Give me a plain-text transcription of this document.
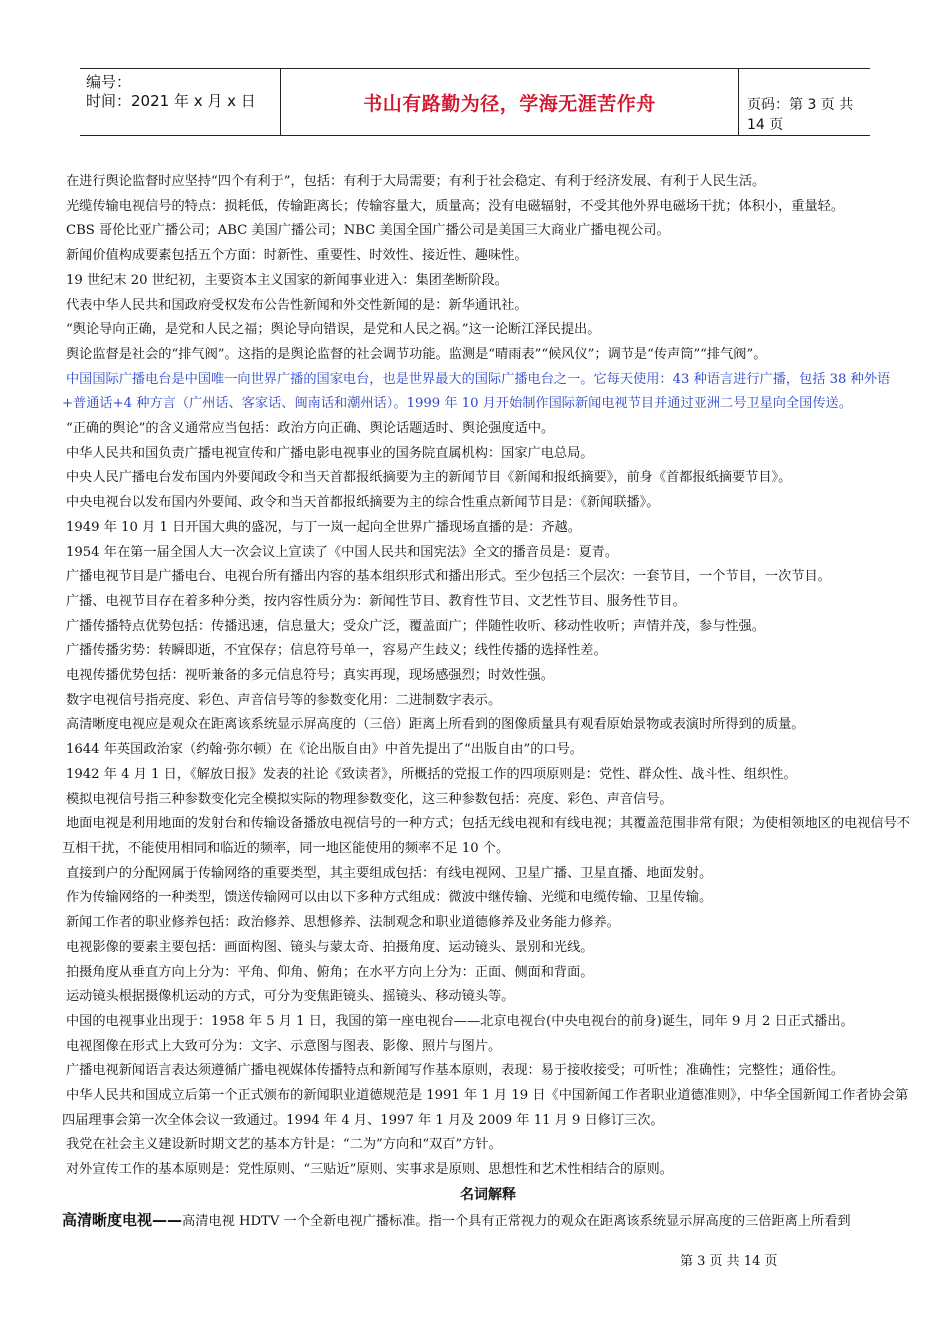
编号：
时间：2021 年 x 月 x 日	书山有路勤为径，学海无涯苦作舟	页码：第 3 页 共 14 页
在进行舆论监督时应坚持“四个有利于”，包括：有利于大局需要；有利于社会稳定、有利于经济发展、有利于人民生活。
光缆传输电视信号的特点：损耗低，传输距离长；传输容量大，质量高；没有电磁辐射，不受其他外界电磁场干扰；体积小，重量轻。
CBS 哥伦比亚广播公司；ABC 美国广播公司；NBC 美国全国广播公司是美国三大商业广播电视公司。
新闻价值构成要素包括五个方面：时新性、重要性、时效性、接近性、趣味性。
19 世纪末 20 世纪初，主要资本主义国家的新闻事业进入：集团垄断阶段。
代表中华人民共和国政府受权发布公告性新闻和外交性新闻的是：新华通讯社。
“舆论导向正确，是党和人民之福；舆论导向错误，是党和人民之祸。”这一论断江泽民提出。
舆论监督是社会的“排气阀”。这指的是舆论监督的社会调节功能。监测是“晴雨表”“候风仪”；调节是“传声筒”“排气阀”。
中国国际广播电台是中国唯一向世界广播的国家电台，也是世界最大的国际广播电台之一。它每天使用：43 种语言进行广播，包括 38 种外语+普通话+4 种方言（广州话、客家话、闽南话和潮州话）。1999 年 10 月开始制作国际新闻电视节目并通过亚洲二号卫星向全国传送。
“正确的舆论”的含义通常应当包括：政治方向正确、舆论话题适时、舆论强度适中。
中华人民共和国负责广播电视宣传和广播电影电视事业的国务院直属机构：国家广电总局。
中央人民广播电台发布国内外要闻政令和当天首都报纸摘要为主的新闻节目《新闻和报纸摘要》，前身《首都报纸摘要节目》。
中央电视台以发布国内外要闻、政令和当天首都报纸摘要为主的综合性重点新闻节目是：《新闻联播》。
1949 年 10 月 1 日开国大典的盛况，与丁一岚一起向全世界广播现场直播的是：齐越。
1954 年在第一届全国人大一次会议上宣读了《中国人民共和国宪法》全文的播音员是：夏青。
广播电视节目是广播电台、电视台所有播出内容的基本组织形式和播出形式。至少包括三个层次：一套节目，一个节目，一次节目。
广播、电视节目存在着多种分类，按内容性质分为：新闻性节目、教育性节目、文艺性节目、服务性节目。
广播传播特点优势包括：传播迅速，信息量大；受众广泛，覆盖面广；伴随性收听、移动性收听；声情并茂，参与性强。
广播传播劣势：转瞬即逝，不宜保存；信息符号单一，容易产生歧义；线性传播的选择性差。
电视传播优势包括：视听兼备的多元信息符号；真实再现，现场感强烈；时效性强。
数字电视信号指亮度、彩色、声音信号等的参数变化用：二进制数字表示。
高清晰度电视应是观众在距离该系统显示屏高度的（三倍）距离上所看到的图像质量具有观看原始景物或表演时所得到的质量。
1644 年英国政治家（约翰·弥尔顿）在《论出版自由》中首先提出了“出版自由”的口号。
1942 年 4 月 1 日，《解放日报》发表的社论《致读者》，所概括的党报工作的四项原则是：党性、群众性、战斗性、组织性。
模拟电视信号指三种参数变化完全模拟实际的物理参数变化，这三种参数包括：亮度、彩色、声音信号。
地面电视是利用地面的发射台和传输设备播放电视信号的一种方式；包括无线电视和有线电视；其覆盖范围非常有限；为使相领地区的电视信号不互相干扰，不能使用相同和临近的频率，同一地区能使用的频率不足 10 个。
直接到户的分配网属于传输网络的重要类型，其主要组成包括：有线电视网、卫星广播、卫星直播、地面发射。
作为传输网络的一种类型，馈送传输网可以由以下多种方式组成：微波中继传输、光缆和电缆传输、卫星传输。
新闻工作者的职业修养包括：政治修养、思想修养、法制观念和职业道德修养及业务能力修养。
电视影像的要素主要包括：画面构图、镜头与蒙太奇、拍摄角度、运动镜头、景别和光线。
拍摄角度从垂直方向上分为：平角、仰角、俯角；在水平方向上分为：正面、侧面和背面。
运动镜头根据摄像机运动的方式，可分为变焦距镜头、摇镜头、移动镜头等。
中国的电视事业出现于：1958 年 5 月 1 日，我国的第一座电视台——北京电视台(中央电视台的前身)诞生，同年 9 月 2 日正式播出。
电视图像在形式上大致可分为：文字、示意图与图表、影像、照片与图片。
广播电视新闻语言表达须遵循广播电视媒体传播特点和新闻写作基本原则，表现：易于接收接受；可听性；准确性；完整性；通俗性。
中华人民共和国成立后第一个正式颁布的新闻职业道德规范是 1991 年 1 月 19 日《中国新闻工作者职业道德准则》，中华全国新闻工作者协会第四届理事会第一次全体会议一致通过。1994 年 4 月、1997 年 1 月及 2009 年 11 月 9 日修订三次。
我党在社会主义建设新时期文艺的基本方针是：“二为”方向和“双百”方针。
对外宣传工作的基本原则是：党性原则、“三贴近”原则、实事求是原则、思想性和艺术性相结合的原则。
名词解释
高清晰度电视——高清电视 HDTV 一个全新电视广播标准。指一个具有正常视力的观众在距离该系统显示屏高度的三倍距离上所看到
第 3 页 共 14 页
